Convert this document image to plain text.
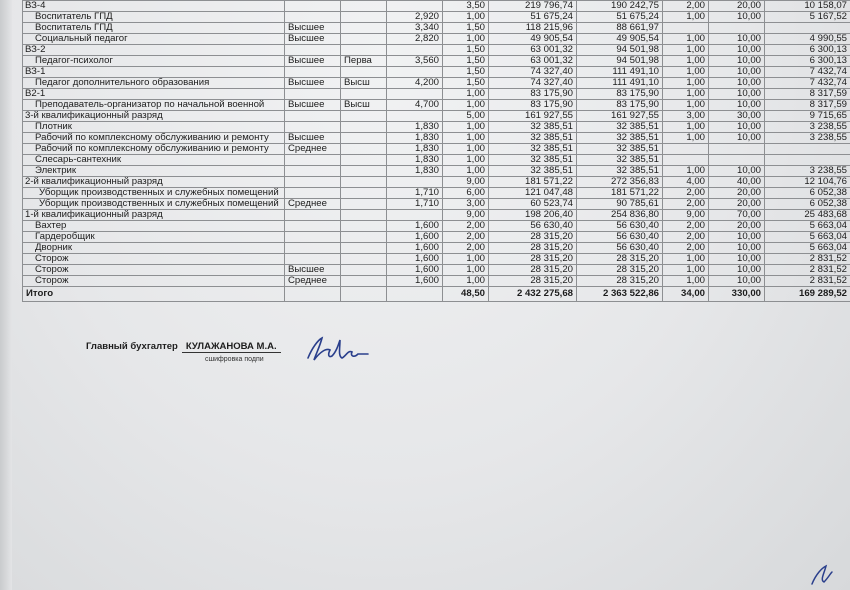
ВЗ-4				3,50	219 796,74	190 242,75	2,00	20,00	10 158,07
Воспитатель ГПД			2,920	1,00	51 675,24	51 675,24	1,00	10,00	5 167,52
Воспитатель ГПД	Высшее		3,340	1,50	118 215,96	88 661,97			
Социальный педагог	Высшее		2,820	1,00	49 905,54	49 905,54	1,00	10,00	4 990,55
ВЗ-2				1,50	63 001,32	94 501,98	1,00	10,00	6 300,13
Педагог-психолог	Высшее	Перва	3,560	1,50	63 001,32	94 501,98	1,00	10,00	6 300,13
ВЗ-1				1,50	74 327,40	111 491,10	1,00	10,00	7 432,74
Педагог дополнительного образования	Высшее	Высш	4,200	1,50	74 327,40	111 491,10	1,00	10,00	7 432,74
В2-1				1,00	83 175,90	83 175,90	1,00	10,00	8 317,59
Преподаватель-организатор по начальной военной	Высшее	Высш	4,700	1,00	83 175,90	83 175,90	1,00	10,00	8 317,59
3-й квалификационный разряд				5,00	161 927,55	161 927,55	3,00	30,00	9 715,65
Плотник			1,830	1,00	32 385,51	32 385,51	1,00	10,00	3 238,55
Рабочий по комплексному обслуживанию и ремонту	Высшее		1,830	1,00	32 385,51	32 385,51	1,00	10,00	3 238,55
Рабочий по комплексному обслуживанию и ремонту	Среднее		1,830	1,00	32 385,51	32 385,51			
Слесарь-сантехник			1,830	1,00	32 385,51	32 385,51			
Электрик			1,830	1,00	32 385,51	32 385,51	1,00	10,00	3 238,55
2-й квалификационный разряд				9,00	181 571,22	272 356,83	4,00	40,00	12 104,76
Уборщик производственных и служебных помещений			1,710	6,00	121 047,48	181 571,22	2,00	20,00	6 052,38
Уборщик производственных и служебных помещений	Среднее		1,710	3,00	60 523,74	90 785,61	2,00	20,00	6 052,38
1-й квалификационный разряд				9,00	198 206,40	254 836,80	9,00	70,00	25 483,68
Вахтер			1,600	2,00	56 630,40	56 630,40	2,00	20,00	5 663,04
Гардеробщик			1,600	2,00	28 315,20	56 630,40	2,00	10,00	5 663,04
Дворник			1,600	2,00	28 315,20	56 630,40	2,00	10,00	5 663,04
Сторож			1,600	1,00	28 315,20	28 315,20	1,00	10,00	2 831,52
Сторож	Высшее		1,600	1,00	28 315,20	28 315,20	1,00	10,00	2 831,52
Сторож	Среднее		1,600	1,00	28 315,20	28 315,20	1,00	10,00	2 831,52
Итого				48,50	2 432 275,68	2 363 522,86	34,00	330,00	169 289,52
Главный бухгалтер КУЛАЖАНОВА М.А.
сшифровка подпи
